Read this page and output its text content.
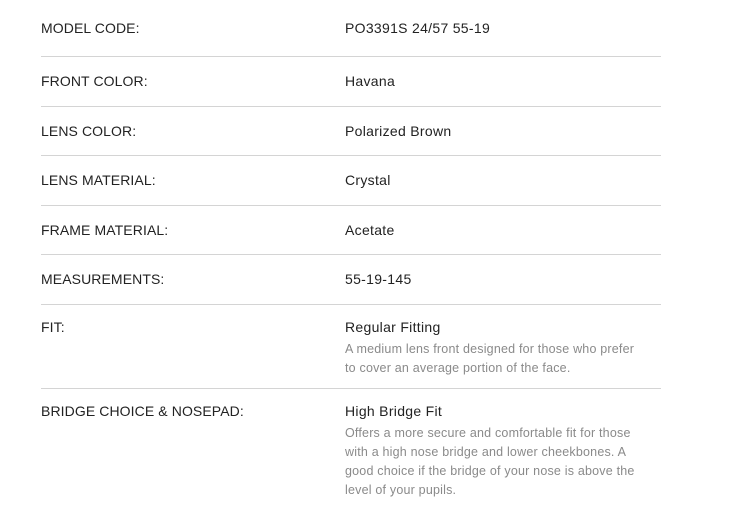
MODEL CODE:	PO3391S 24/57 55-19
FRONT COLOR:	Havana
LENS COLOR:	Polarized Brown
LENS MATERIAL:	Crystal
FRAME MATERIAL:	Acetate
MEASUREMENTS:	55-19-145
FIT:	Regular Fitting
A medium lens front designed for those who prefer to cover an average portion of the face.
BRIDGE CHOICE & NOSEPAD:	High Bridge Fit
Offers a more secure and comfortable fit for those with a high nose bridge and lower cheekbones. A good choice if the bridge of your nose is above the level of your pupils.
